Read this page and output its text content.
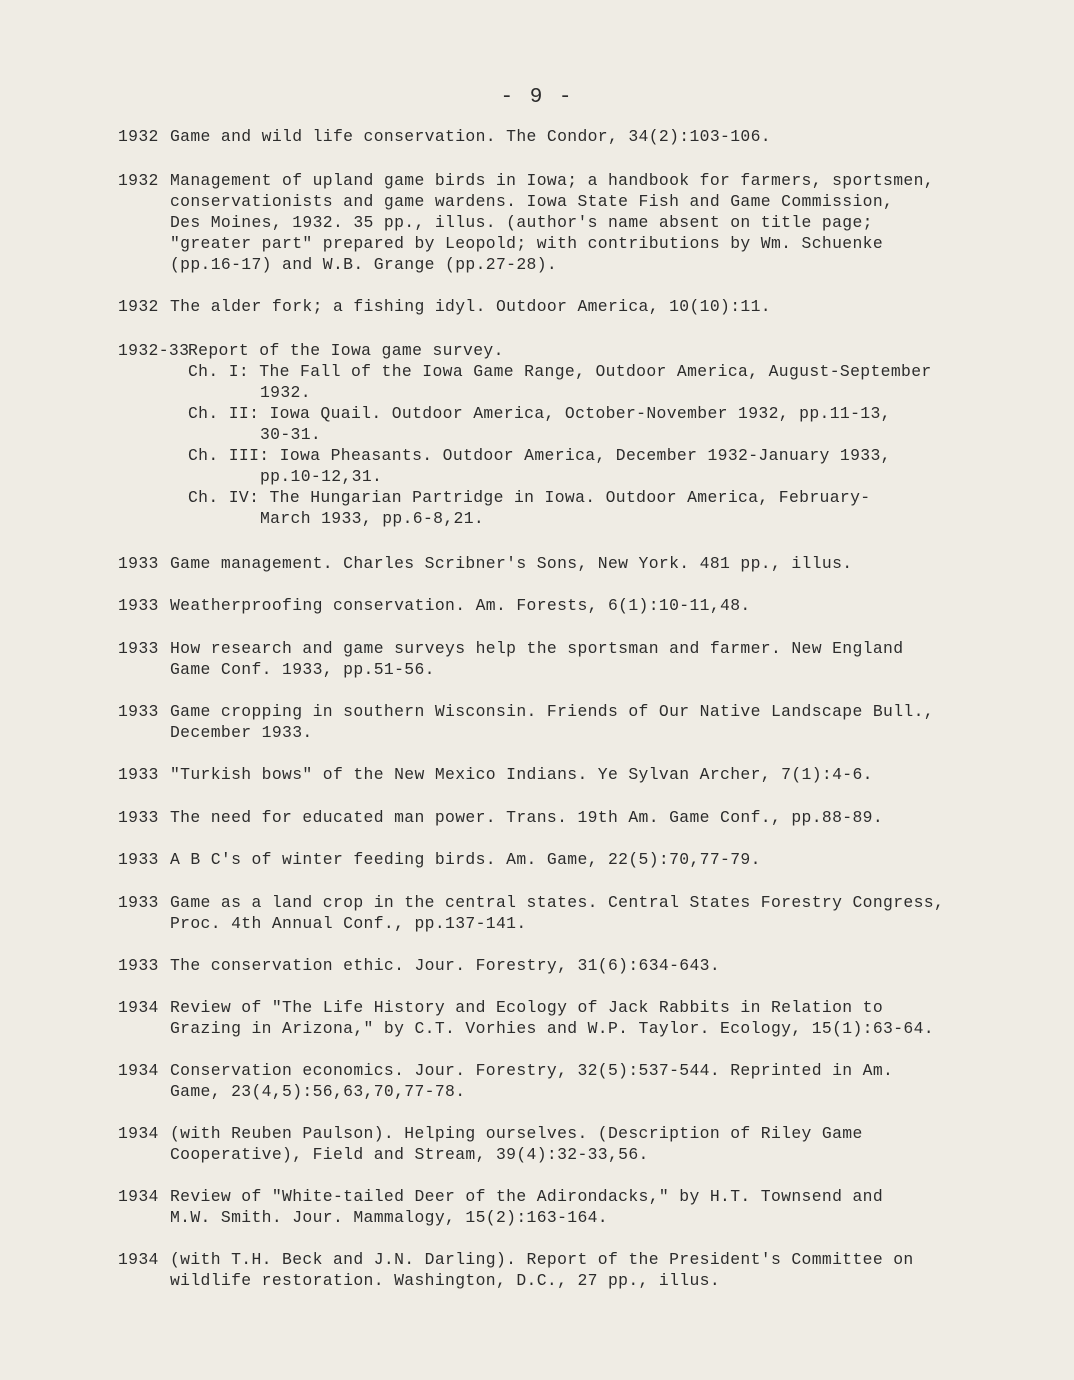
- 9 -
1932 Game and wild life conservation. The Condor, 34(2):103-106.
1932 Management of upland game birds in Iowa; a handbook for farmers, sportsmen,
conservationists and game wardens. Iowa State Fish and Game Commission,
Des Moines, 1932. 35 pp., illus. (author's name absent on title page;
"greater part" prepared by Leopold; with contributions by Wm. Schuenke
(pp.16-17) and W.B. Grange (pp.27-28).
1932 The alder fork; a fishing idyl. Outdoor America, 10(10):11.
1932-33
Report of the Iowa game survey.
Ch. I: The Fall of the Iowa Game Range, Outdoor America, August-September
1932.
Ch. II: Iowa Quail. Outdoor America, October-November 1932, pp.11-13,
30-31.
Ch. III: Iowa Pheasants. Outdoor America, December 1932-January 1933,
pp.10-12,31.
Ch. IV: The Hungarian Partridge in Iowa. Outdoor America, February-
March 1933, pp.6-8,21.
1933 Game management. Charles Scribner's Sons, New York. 481 pp., illus.
1933 Weatherproofing conservation. Am. Forests, 6(1):10-11,48.
1933 How research and game surveys help the sportsman and farmer. New England
Game Conf. 1933, pp.51-56.
1933 Game cropping in southern Wisconsin. Friends of Our Native Landscape Bull.,
December 1933.
1933 "Turkish bows" of the New Mexico Indians. Ye Sylvan Archer, 7(1):4-6.
1933 The need for educated man power. Trans. 19th Am. Game Conf., pp.88-89.
1933 A B C's of winter feeding birds. Am. Game, 22(5):70,77-79.
1933 Game as a land crop in the central states. Central States Forestry Congress,
Proc. 4th Annual Conf., pp.137-141.
1933 The conservation ethic. Jour. Forestry, 31(6):634-643.
1934 Review of "The Life History and Ecology of Jack Rabbits in Relation to
Grazing in Arizona," by C.T. Vorhies and W.P. Taylor. Ecology, 15(1):63-64.
1934 Conservation economics. Jour. Forestry, 32(5):537-544. Reprinted in Am.
Game, 23(4,5):56,63,70,77-78.
1934 (with Reuben Paulson). Helping ourselves. (Description of Riley Game
Cooperative), Field and Stream, 39(4):32-33,56.
1934 Review of "White-tailed Deer of the Adirondacks," by H.T. Townsend and
M.W. Smith. Jour. Mammalogy, 15(2):163-164.
1934 (with T.H. Beck and J.N. Darling). Report of the President's Committee on
wildlife restoration. Washington, D.C., 27 pp., illus.
